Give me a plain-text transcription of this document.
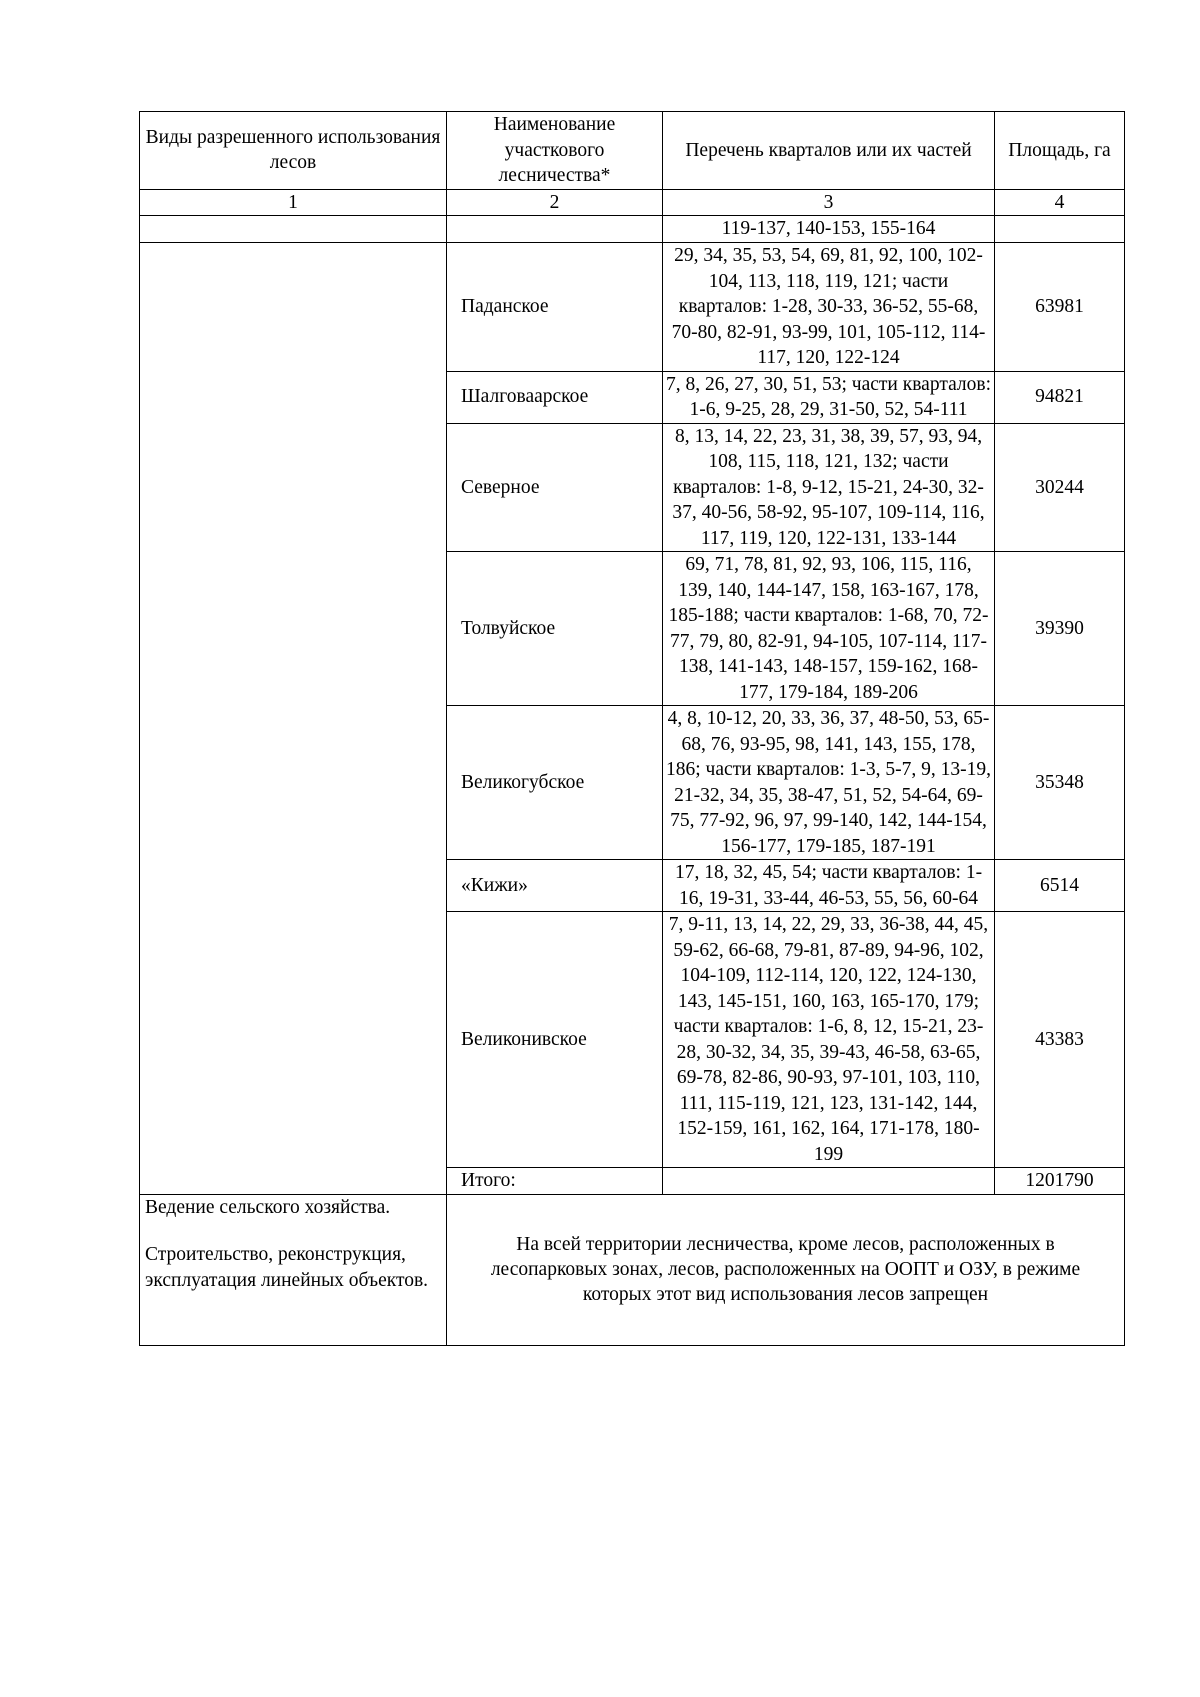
Виды разрешенного использования лесов	Наименование участкового лесничества*	Перечень кварталов или их частей	Площадь, га
1	2	3	4
		119-137, 140-153, 155-164	
	Паданское	29, 34, 35, 53, 54, 69, 81, 92, 100, 102-104, 113, 118, 119, 121; части кварталов: 1-28, 30-33, 36-52, 55-68, 70-80, 82-91, 93-99, 101, 105-112, 114-117, 120, 122-124	63981
	Шалговаарское	7, 8, 26, 27, 30, 51, 53; части кварталов: 1-6, 9-25, 28, 29, 31-50, 52, 54-111	94821
	Северное	8, 13, 14, 22, 23, 31, 38, 39, 57, 93, 94, 108, 115, 118, 121, 132; части кварталов: 1-8, 9-12, 15-21, 24-30, 32-37, 40-56, 58-92, 95-107, 109-114, 116, 117, 119, 120, 122-131, 133-144	30244
	Толвуйское	69, 71, 78, 81, 92, 93, 106, 115, 116, 139, 140, 144-147, 158, 163-167, 178, 185-188; части кварталов: 1-68, 70, 72-77, 79, 80, 82-91, 94-105, 107-114, 117-138, 141-143, 148-157, 159-162, 168-177, 179-184, 189-206	39390
	Великогубское	4, 8, 10-12, 20, 33, 36, 37, 48-50, 53, 65-68, 76, 93-95, 98, 141, 143, 155, 178, 186; части кварталов: 1-3, 5-7, 9, 13-19, 21-32, 34, 35, 38-47, 51, 52, 54-64, 69-75, 77-92, 96, 97, 99-140, 142, 144-154, 156-177, 179-185, 187-191	35348
	«Кижи»	17, 18, 32, 45, 54; части кварталов: 1-16, 19-31, 33-44, 46-53, 55, 56, 60-64	6514
	Великонивское	7, 9-11, 13, 14, 22, 29, 33, 36-38, 44, 45, 59-62, 66-68, 79-81, 87-89, 94-96, 102, 104-109, 112-114, 120, 122, 124-130, 143, 145-151, 160, 163, 165-170, 179; части кварталов: 1-6, 8, 12, 15-21, 23-28, 30-32, 34, 35, 39-43, 46-58, 63-65, 69-78, 82-86, 90-93, 97-101, 103, 110, 111, 115-119, 121, 123, 131-142, 144, 152-159, 161, 162, 164, 171-178, 180-199	43383
	Итого:		1201790

Ведение сельского хозяйства.
Строительство, реконструкция, эксплуатация линейных объектов.	На всей территории лесничества, кроме лесов, расположенных в лесопарковых зонах, лесов, расположенных на ООПТ и ОЗУ, в режиме которых этот вид использования лесов запрещен		
